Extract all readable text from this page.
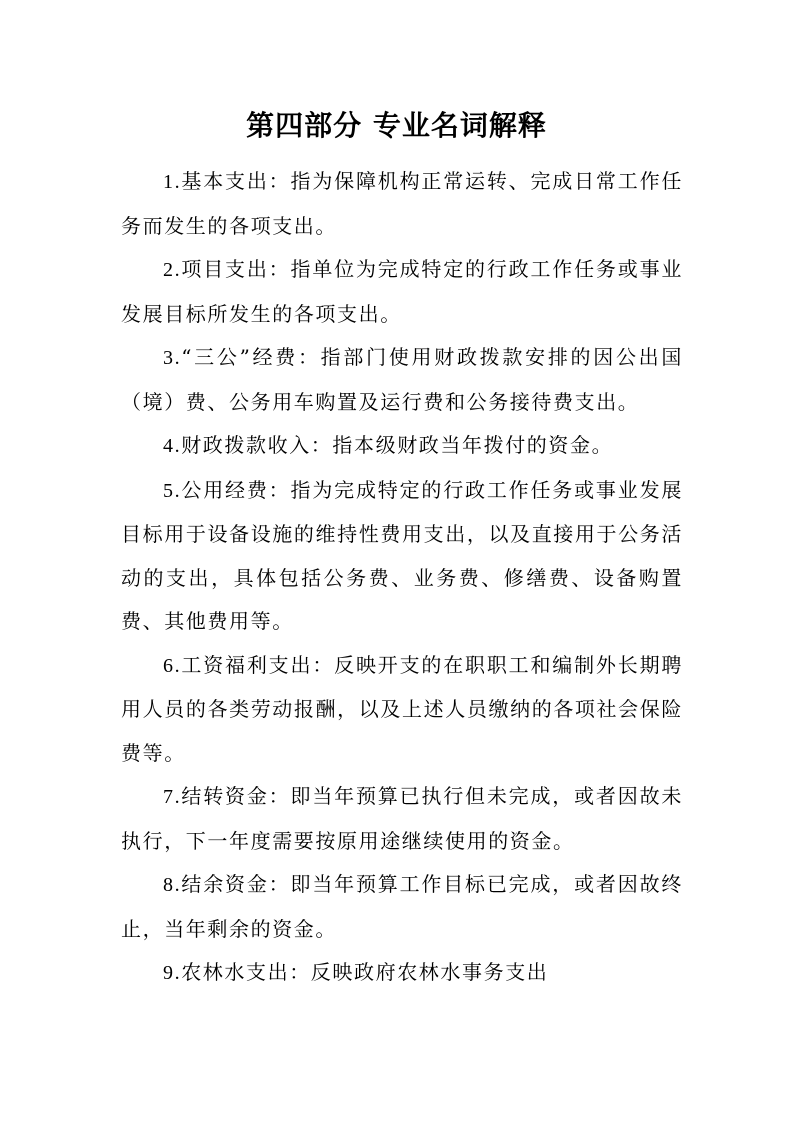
第四部分 专业名词解释

1.基本支出：指为保障机构正常运转、完成日常工作任务而发生的各项支出。

2.项目支出：指单位为完成特定的行政工作任务或事业发展目标所发生的各项支出。

3.“三公”经费：指部门使用财政拨款安排的因公出国（境）费、公务用车购置及运行费和公务接待费支出。

4.财政拨款收入：指本级财政当年拨付的资金。

5.公用经费：指为完成特定的行政工作任务或事业发展目标用于设备设施的维持性费用支出，以及直接用于公务活动的支出，具体包括公务费、业务费、修缮费、设备购置费、其他费用等。

6.工资福利支出：反映开支的在职职工和编制外长期聘用人员的各类劳动报酬，以及上述人员缴纳的各项社会保险费等。

7.结转资金：即当年预算已执行但未完成，或者因故未执行，下一年度需要按原用途继续使用的资金。

8.结余资金：即当年预算工作目标已完成，或者因故终止，当年剩余的资金。

9.农林水支出：反映政府农林水事务支出
